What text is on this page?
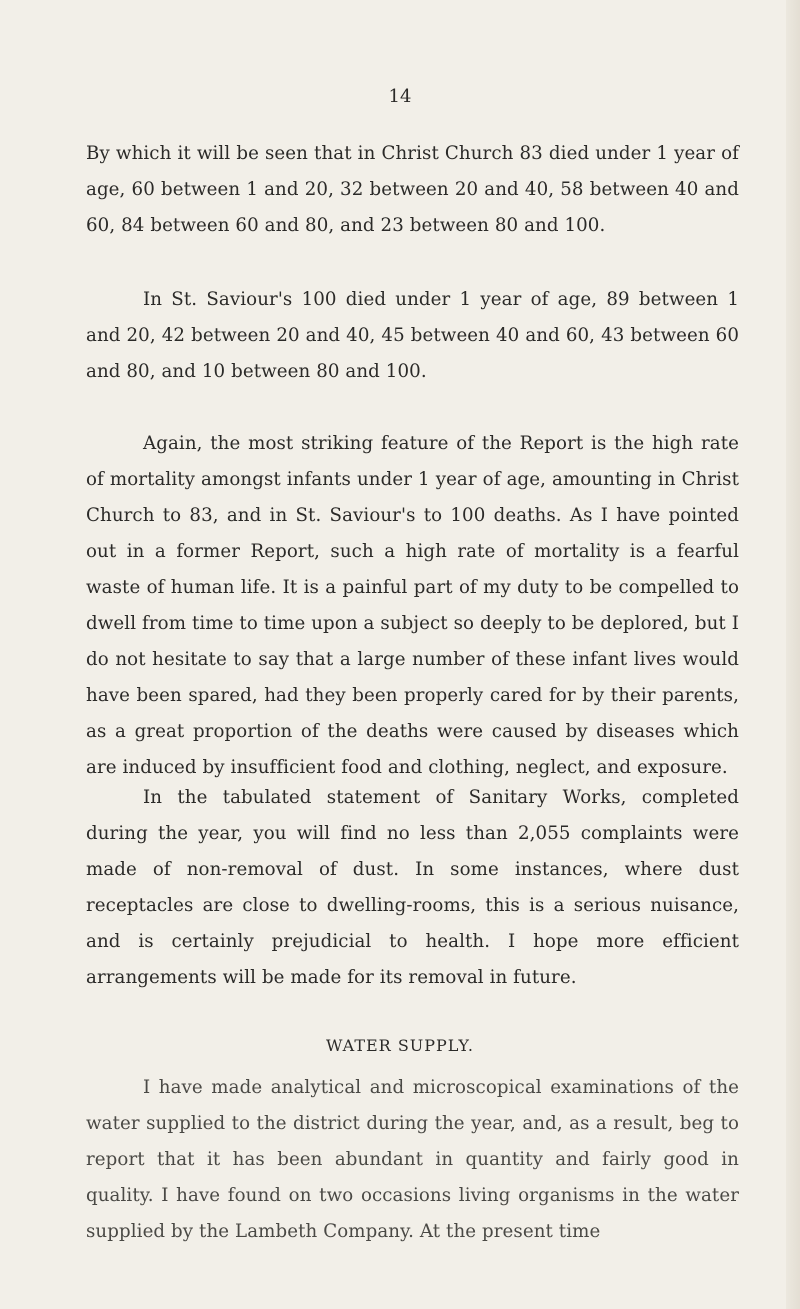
14
By which it will be seen that in Christ Church 83 died under 1 year of age, 60 between 1 and 20, 32 between 20 and 40, 58 between 40 and 60, 84 between 60 and 80, and 23 between 80 and 100.
In St. Saviour's 100 died under 1 year of age, 89 between 1 and 20, 42 between 20 and 40, 45 between 40 and 60, 43 between 60 and 80, and 10 between 80 and 100.
Again, the most striking feature of the Report is the high rate of mortality amongst infants under 1 year of age, amounting in Christ Church to 83, and in St. Saviour's to 100 deaths. As I have pointed out in a former Report, such a high rate of mortality is a fearful waste of human life. It is a painful part of my duty to be compelled to dwell from time to time upon a subject so deeply to be deplored, but I do not hesitate to say that a large number of these infant lives would have been spared, had they been properly cared for by their parents, as a great proportion of the deaths were caused by diseases which are induced by insufficient food and clothing, neglect, and exposure.
In the tabulated statement of Sanitary Works, completed during the year, you will find no less than 2,055 complaints were made of non-removal of dust. In some instances, where dust receptacles are close to dwelling-rooms, this is a serious nuisance, and is certainly prejudicial to health. I hope more efficient arrangements will be made for its removal in future.
WATER SUPPLY.
I have made analytical and microscopical examinations of the water supplied to the district during the year, and, as a result, beg to report that it has been abundant in quantity and fairly good in quality. I have found on two occasions living organisms in the water supplied by the Lambeth Company. At the present time
